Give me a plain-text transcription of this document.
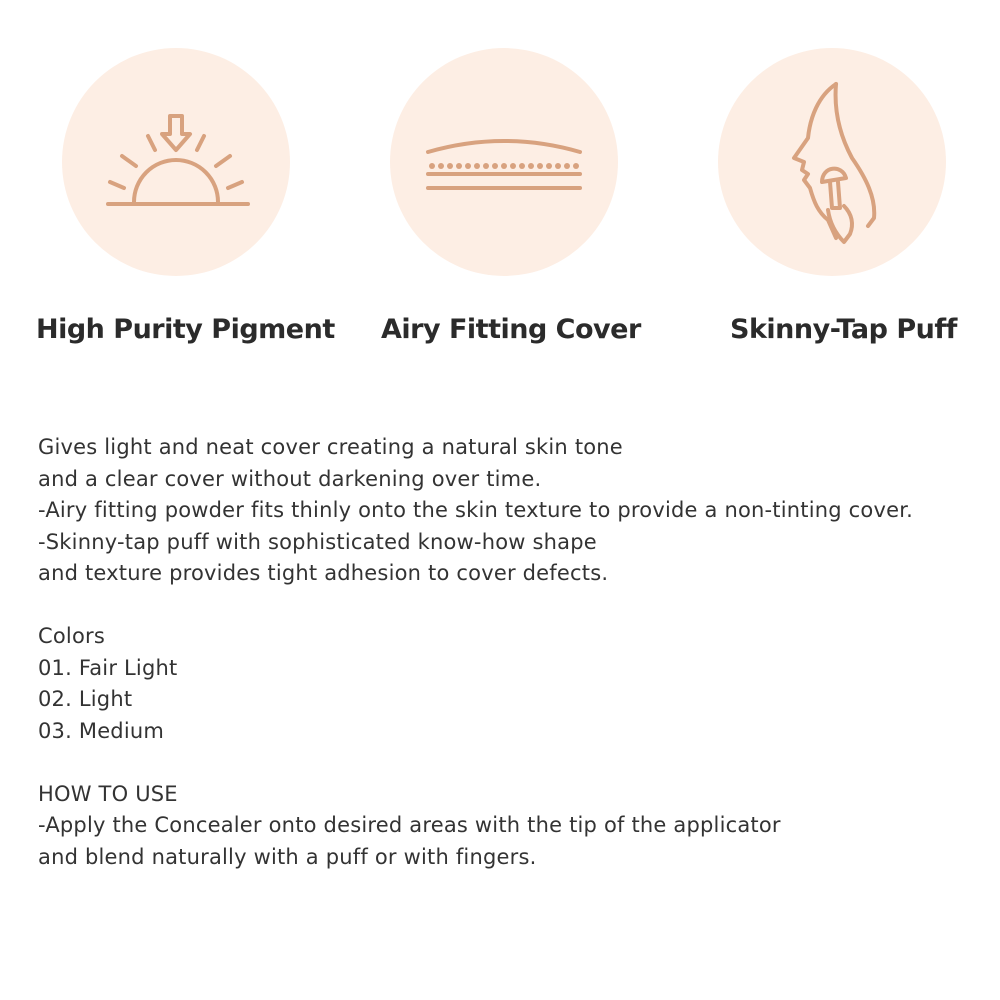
High Purity Pigment Airy Fitting Cover	Skinny-Tap Puff
Gives light and neat cover creating a natural skin tone
and a clear cover without darkening over time.
-Airy fitting powder fits thinly onto the skin texture to provide a non-tinting cover.
-Skinny-tap puff with sophisticated know-how shape
and texture provides tight adhesion to cover defects.
Colors
01. Fair Light
02. Light
03. Medium
HOW TO USE
-Apply the Concealer onto desired areas with the tip of the applicator
and blend naturally with a puff or with fingers.
